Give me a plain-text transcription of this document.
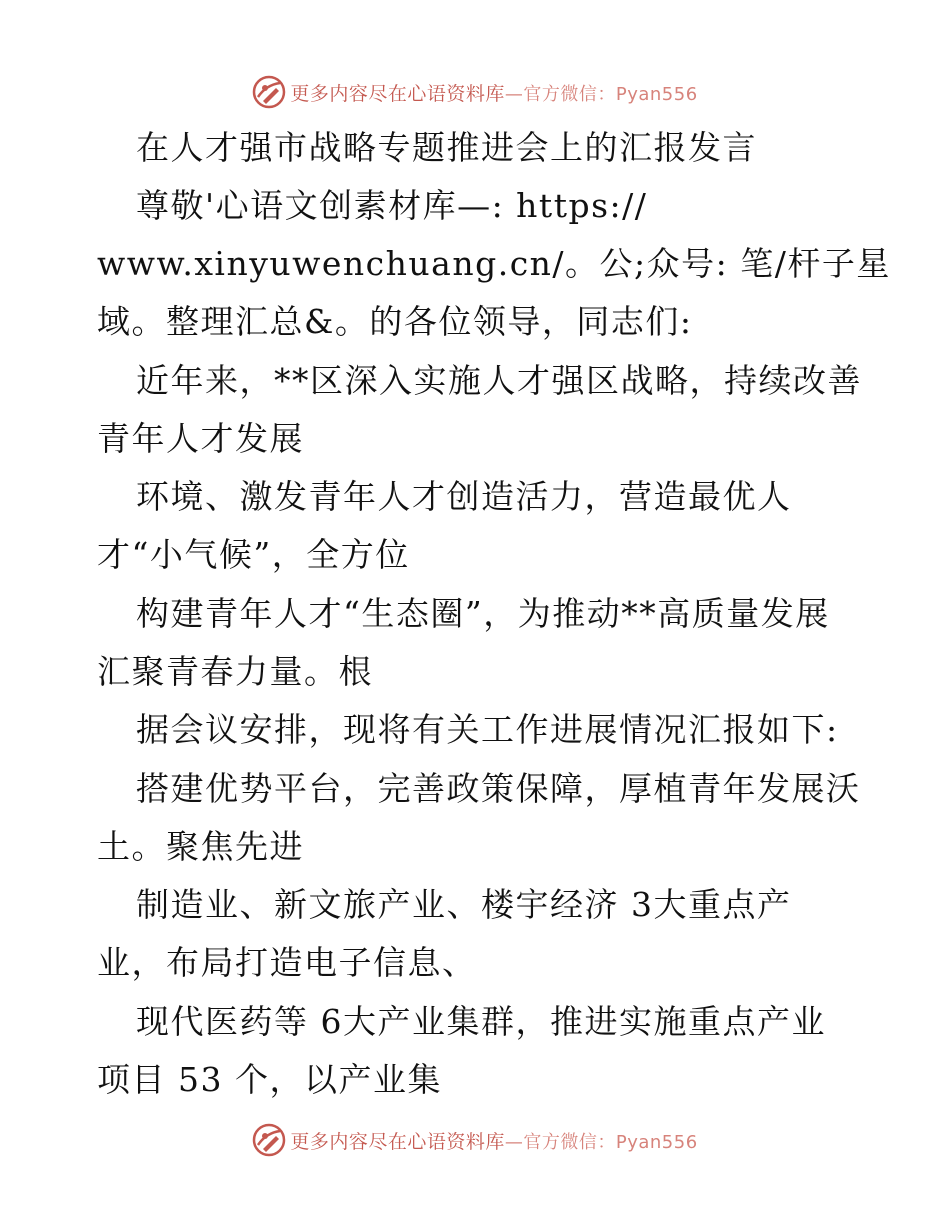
更多内容尽在心语资料库—官方微信：Pyan556
在人才强市战略专题推进会上的汇报发言
尊敬'心语文创素材库—: https://
www.xinyuwenchuang.cn/。公;众号: 笔/杆子星
域。整理汇总&。的各位领导，同志们:
近年来，**区深入实施人才强区战略，持续改善
青年人才发展
环境、激发青年人才创造活力，营造最优人
才“小气候”，全方位
构建青年人才“生态圈”，为推动**高质量发展
汇聚青春力量。根
据会议安排，现将有关工作进展情况汇报如下:
搭建优势平台，完善政策保障，厚植青年发展沃
土。聚焦先进
制造业、新文旅产业、楼宇经济 3大重点产
业，布局打造电子信息、
现代医药等 6大产业集群，推进实施重点产业
项目 53 个，以产业集
更多内容尽在心语资料库—官方微信：Pyan556
